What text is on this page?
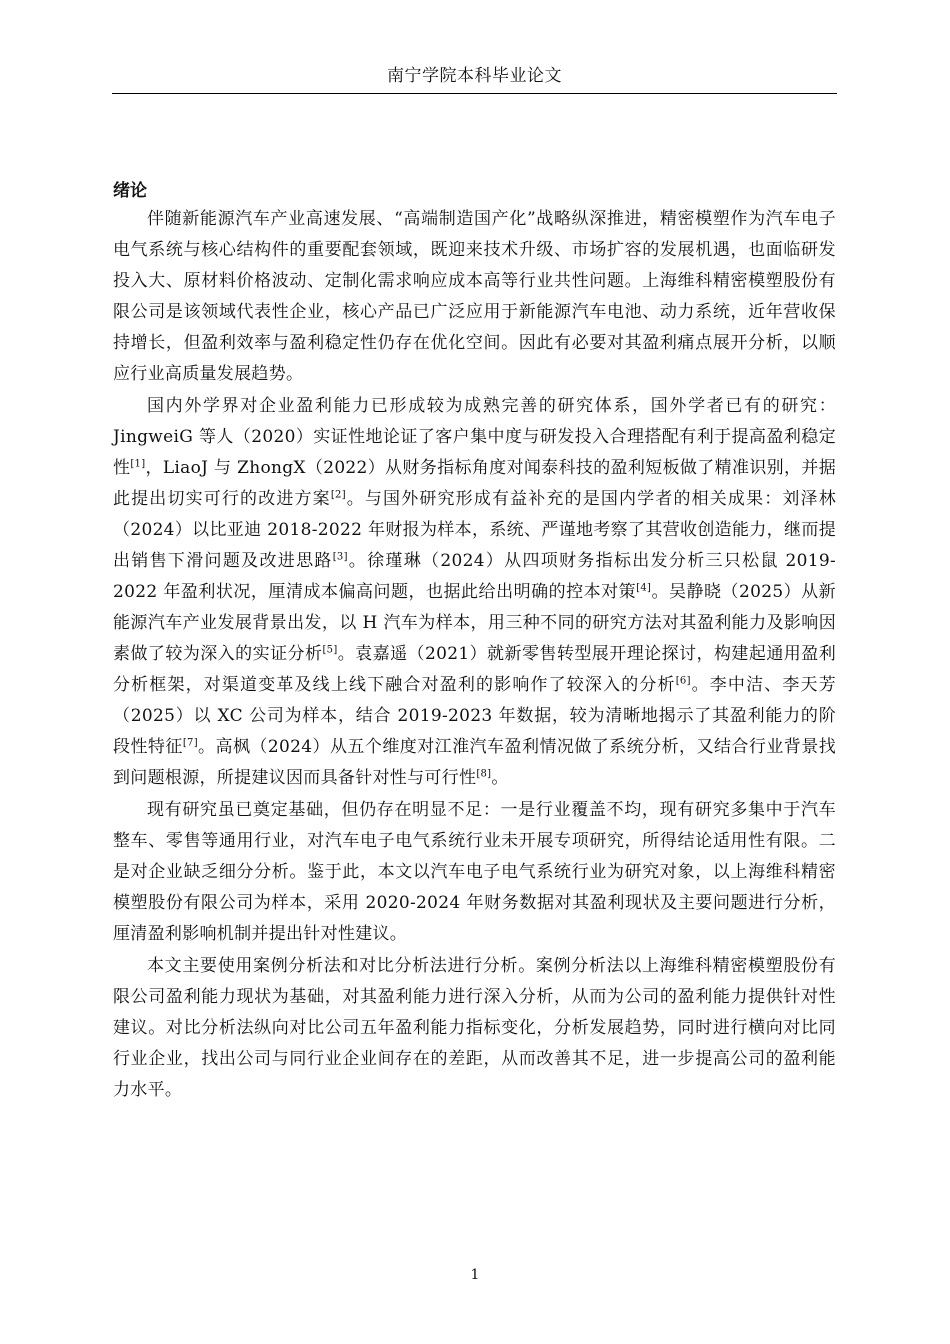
南宁学院本科毕业论文
绪论

伴随新能源汽车产业高速发展、“高端制造国产化”战略纵深推进，精密模塑作为汽车电子电气系统与核心结构件的重要配套领域，既迎来技术升级、市场扩容的发展机遇，也面临研发投入大、原材料价格波动、定制化需求响应成本高等行业共性问题。上海维科精密模塑股份有限公司是该领域代表性企业，核心产品已广泛应用于新能源汽车电池、动力系统，近年营收保持增长，但盈利效率与盈利稳定性仍存在优化空间。因此有必要对其盈利痛点展开分析，以顺应行业高质量发展趋势。

国内外学界对企业盈利能力已形成较为成熟完善的研究体系，国外学者已有的研究：JingweiG 等人（2020）实证性地论证了客户集中度与研发投入合理搭配有利于提高盈利稳定性[1]，LiaoJ 与 ZhongX（2022）从财务指标角度对闻泰科技的盈利短板做了精准识别，并据此提出切实可行的改进方案[2]。与国外研究形成有益补充的是国内学者的相关成果：刘泽林（2024）以比亚迪 2018-2022 年财报为样本，系统、严谨地考察了其营收创造能力，继而提出销售下滑问题及改进思路[3]。徐瑾琳（2024）从四项财务指标出发分析三只松鼠 2019-2022 年盈利状况，厘清成本偏高问题，也据此给出明确的控本对策[4]。吴静晓（2025）从新能源汽车产业发展背景出发，以 H 汽车为样本，用三种不同的研究方法对其盈利能力及影响因素做了较为深入的实证分析[5]。袁嘉遥（2021）就新零售转型展开理论探讨，构建起通用盈利分析框架，对渠道变革及线上线下融合对盈利的影响作了较深入的分析[6]。李中洁、李天芳（2025）以 XC 公司为样本，结合 2019-2023 年数据，较为清晰地揭示了其盈利能力的阶段性特征[7]。高枫（2024）从五个维度对江淮汽车盈利情况做了系统分析，又结合行业背景找到问题根源，所提建议因而具备针对性与可行性[8]。

现有研究虽已奠定基础，但仍存在明显不足：一是行业覆盖不均，现有研究多集中于汽车整车、零售等通用行业，对汽车电子电气系统行业未开展专项研究，所得结论适用性有限。二是对企业缺乏细分分析。鉴于此，本文以汽车电子电气系统行业为研究对象，以上海维科精密模塑股份有限公司为样本，采用 2020-2024 年财务数据对其盈利现状及主要问题进行分析，厘清盈利影响机制并提出针对性建议。

本文主要使用案例分析法和对比分析法进行分析。案例分析法以上海维科精密模塑股份有限公司盈利能力现状为基础，对其盈利能力进行深入分析，从而为公司的盈利能力提供针对性建议。对比分析法纵向对比公司五年盈利能力指标变化，分析发展趋势，同时进行横向对比同行业企业，找出公司与同行业企业间存在的差距，从而改善其不足，进一步提高公司的盈利能力水平。

1
